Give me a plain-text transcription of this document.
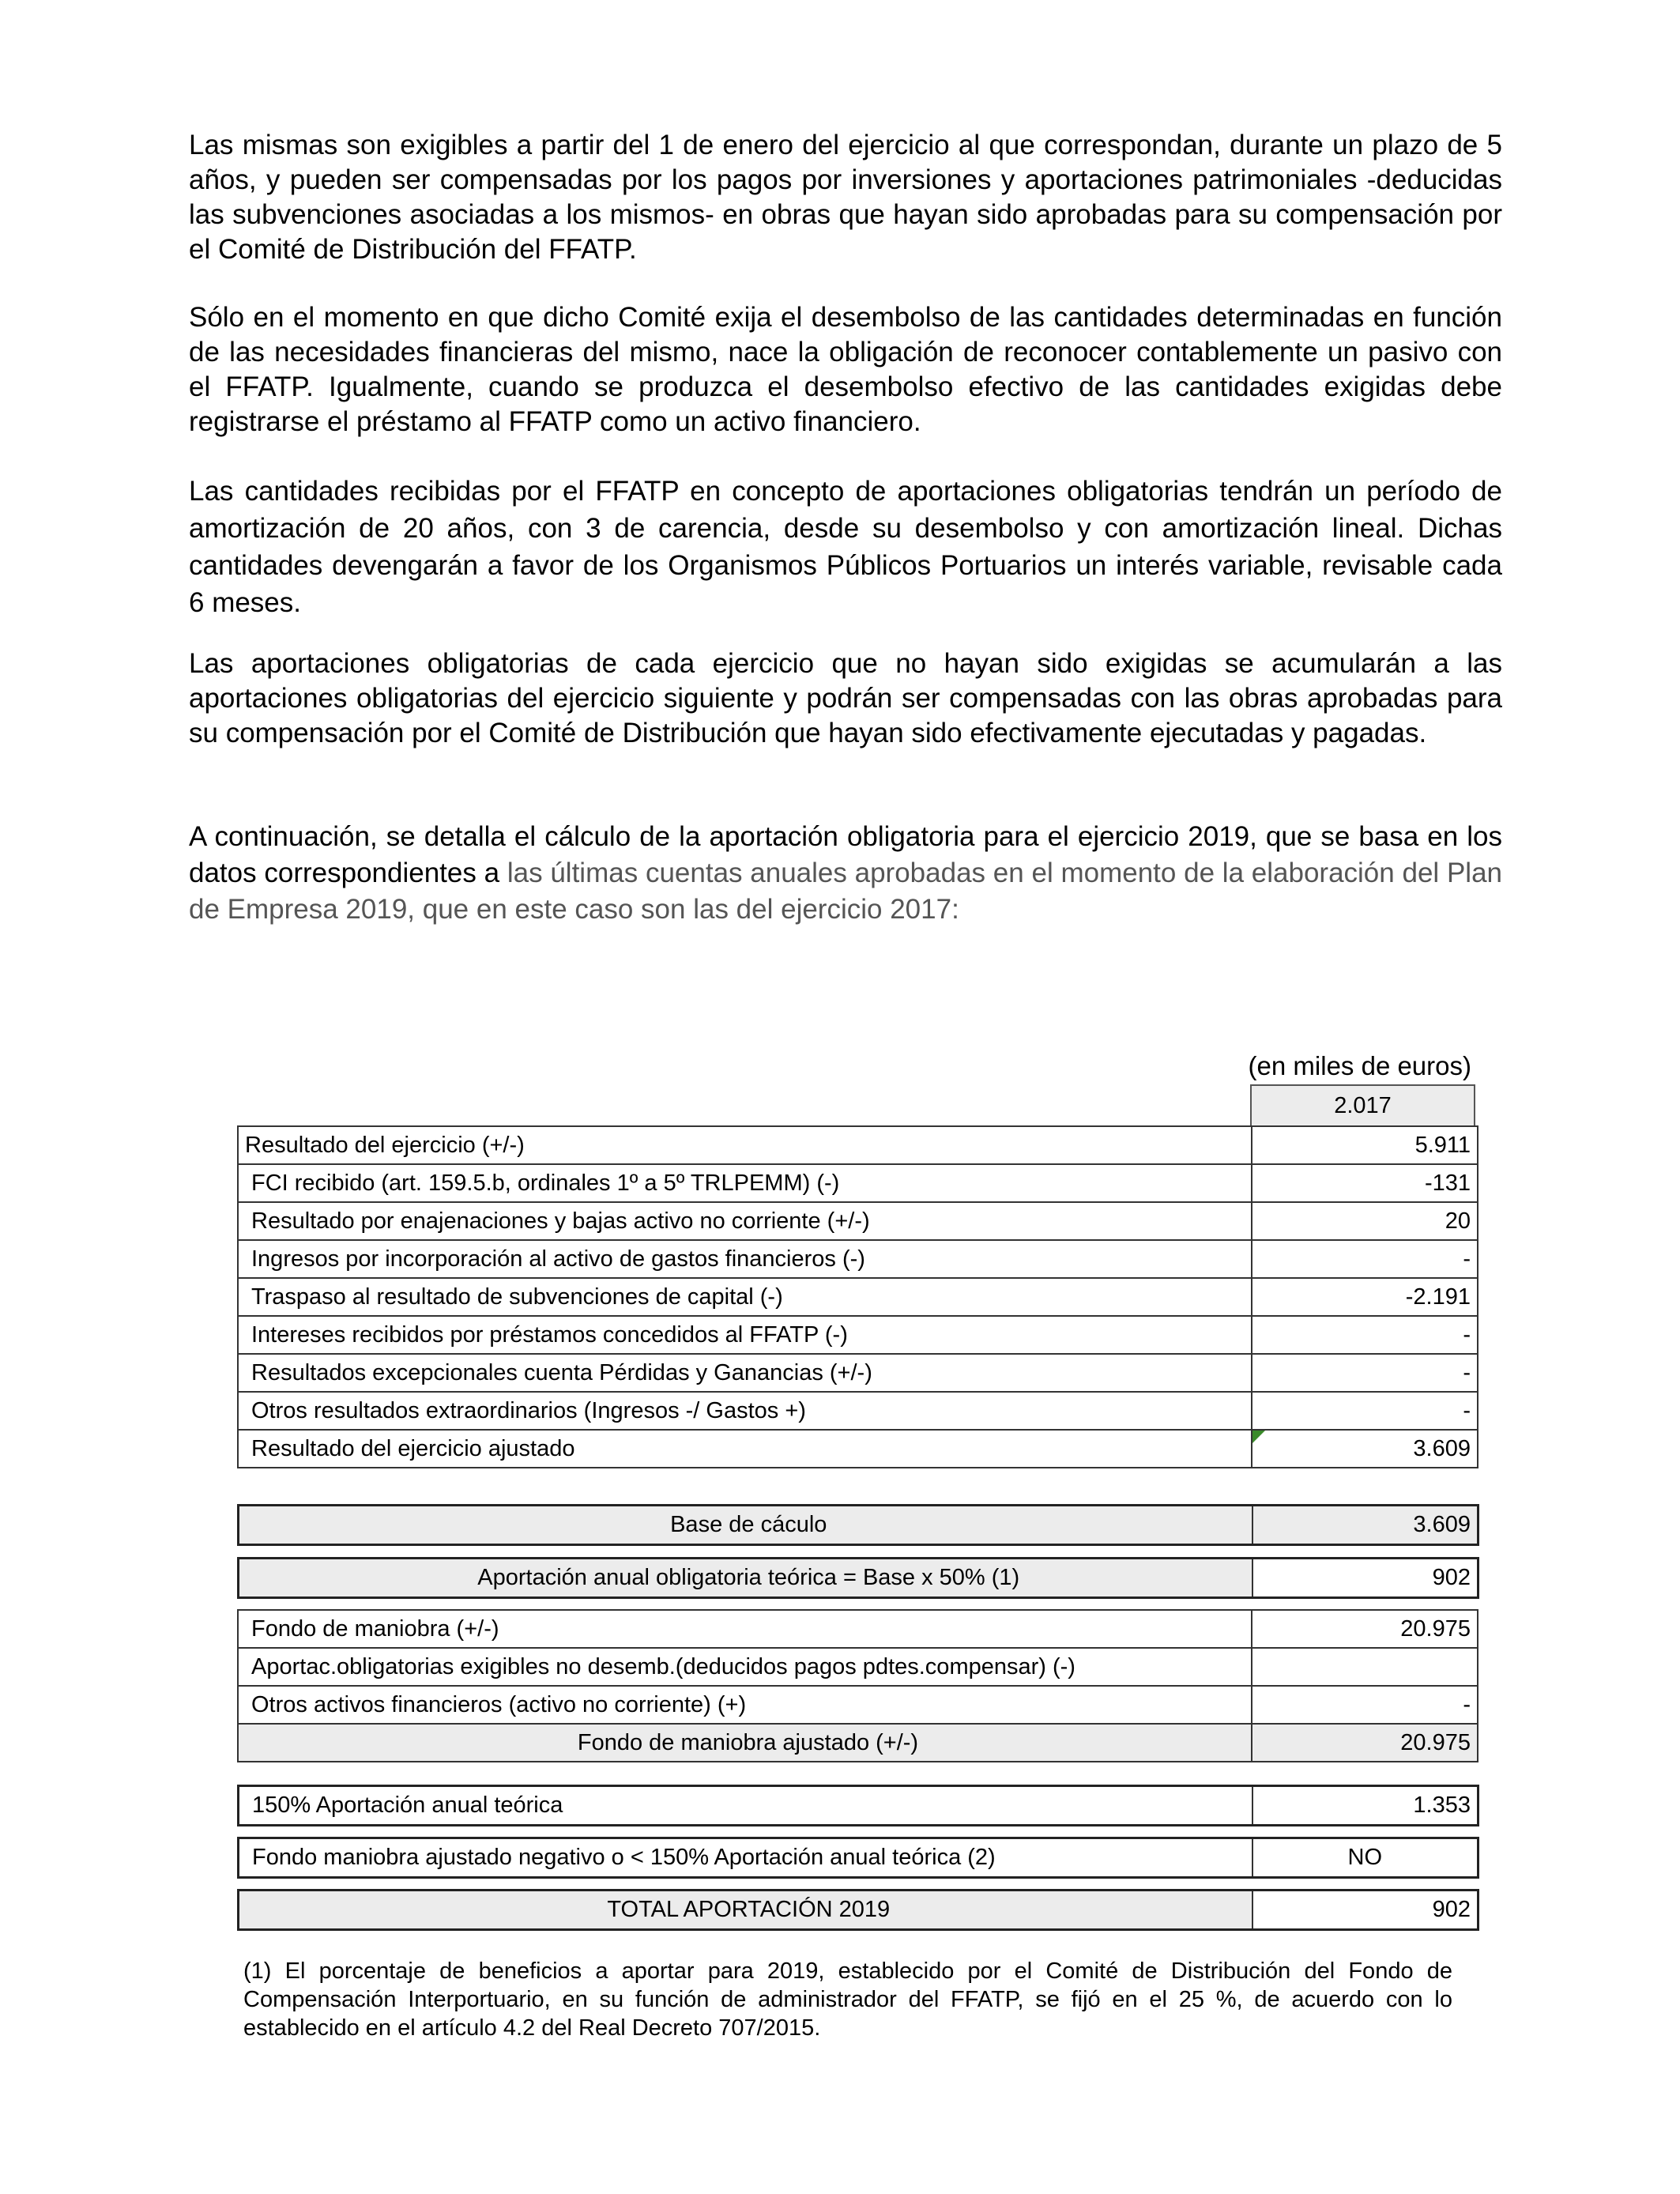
Las mismas son exigibles a partir del 1 de enero del ejercicio al que correspondan, durante un plazo de 5 años, y pueden ser compensadas por los pagos por inversiones y aportaciones patrimoniales -deducidas las subvenciones asociadas a los mismos- en obras que hayan sido aprobadas para su compensación por el Comité de Distribución del FFATP.

Sólo en el momento en que dicho Comité exija el desembolso de las cantidades determinadas en función de las necesidades financieras del mismo, nace la obligación de reconocer contablemente un pasivo con el FFATP. Igualmente, cuando se produzca el desembolso efectivo de las cantidades exigidas debe registrarse el préstamo al FFATP como un activo financiero.

Las cantidades recibidas por el FFATP en concepto de aportaciones obligatorias tendrán un período de amortización de 20 años, con 3 de carencia, desde su desembolso y con amortización lineal. Dichas cantidades devengarán a favor de los Organismos Públicos Portuarios un interés variable, revisable cada 6 meses.

Las aportaciones obligatorias de cada ejercicio que no hayan sido exigidas se acumularán a las aportaciones obligatorias del ejercicio siguiente y podrán ser compensadas con las obras aprobadas para su compensación por el Comité de Distribución que hayan sido efectivamente ejecutadas y pagadas.

A continuación, se detalla el cálculo de la aportación obligatoria para el ejercicio 2019, que se basa en los datos correspondientes a las últimas cuentas anuales aprobadas en el momento de la elaboración del Plan de Empresa 2019, que en este caso son las del ejercicio 2017:

(en miles de euros)
2.017
Resultado del ejercicio (+/-)	5.911
FCI recibido (art. 159.5.b, ordinales 1º a 5º TRLPEMM) (-)	-131
Resultado por enajenaciones y bajas activo no corriente (+/-)	20
Ingresos por incorporación al activo de gastos financieros (-)	-
Traspaso al resultado de subvenciones de capital (-)	-2.191
Intereses recibidos por préstamos concedidos al FFATP (-)	-
Resultados excepcionales cuenta Pérdidas y Ganancias (+/-)	-
Otros resultados extraordinarios (Ingresos -/ Gastos +)	-
Resultado del ejercicio ajustado	3.609
Base de cáculo	3.609
Aportación anual obligatoria teórica = Base x 50% (1)	902
Fondo de maniobra (+/-)	20.975
Aportac.obligatorias exigibles no desemb.(deducidos pagos pdtes.compensar) (-)	
Otros activos financieros (activo no corriente) (+)	-
Fondo de maniobra ajustado (+/-)	20.975
150% Aportación anual teórica	1.353
Fondo maniobra ajustado negativo o < 150% Aportación anual teórica (2)	NO
TOTAL APORTACIÓN 2019	902

(1) El porcentaje de beneficios a aportar para 2019, establecido por el Comité de Distribución del Fondo de Compensación Interportuario, en su función de administrador del FFATP, se fijó en el 25 %, de acuerdo con lo establecido en el artículo 4.2 del Real Decreto 707/2015.
